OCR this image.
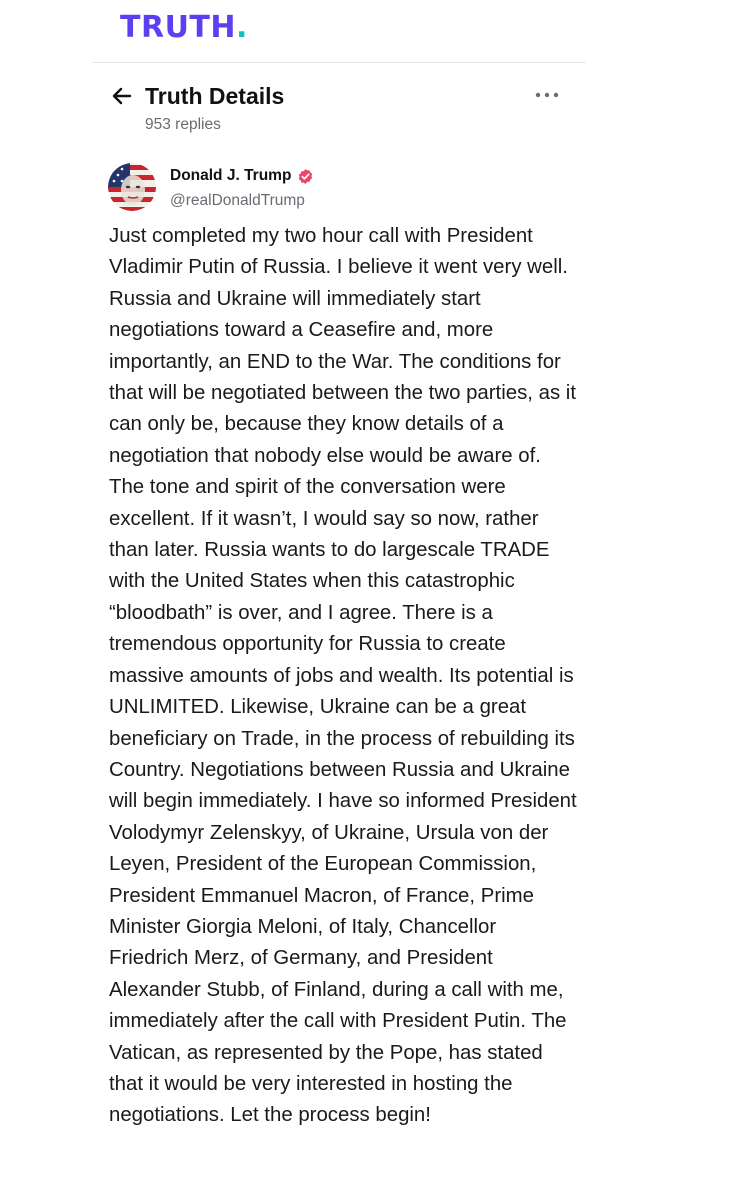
TRUTH.
Truth Details
953 replies
Donald J. Trump
@realDonaldTrump

Just completed my two hour call with President Vladimir Putin of Russia. I believe it went very well. Russia and Ukraine will immediately start negotiations toward a Ceasefire and, more importantly, an END to the War. The conditions for that will be negotiated between the two parties, as it can only be, because they know details of a negotiation that nobody else would be aware of. The tone and spirit of the conversation were excellent. If it wasn’t, I would say so now, rather than later. Russia wants to do largescale TRADE with the United States when this catastrophic “bloodbath” is over, and I agree. There is a tremendous opportunity for Russia to create massive amounts of jobs and wealth. Its potential is UNLIMITED. Likewise, Ukraine can be a great beneficiary on Trade, in the process of rebuilding its Country. Negotiations between Russia and Ukraine will begin immediately. I have so informed President Volodymyr Zelenskyy, of Ukraine, Ursula von der Leyen, President of the European Commission, President Emmanuel Macron, of France, Prime Minister Giorgia Meloni, of Italy, Chancellor Friedrich Merz, of Germany, and President Alexander Stubb, of Finland, during a call with me, immediately after the call with President Putin. The Vatican, as represented by the Pope, has stated that it would be very interested in hosting the negotiations. Let the process begin!
